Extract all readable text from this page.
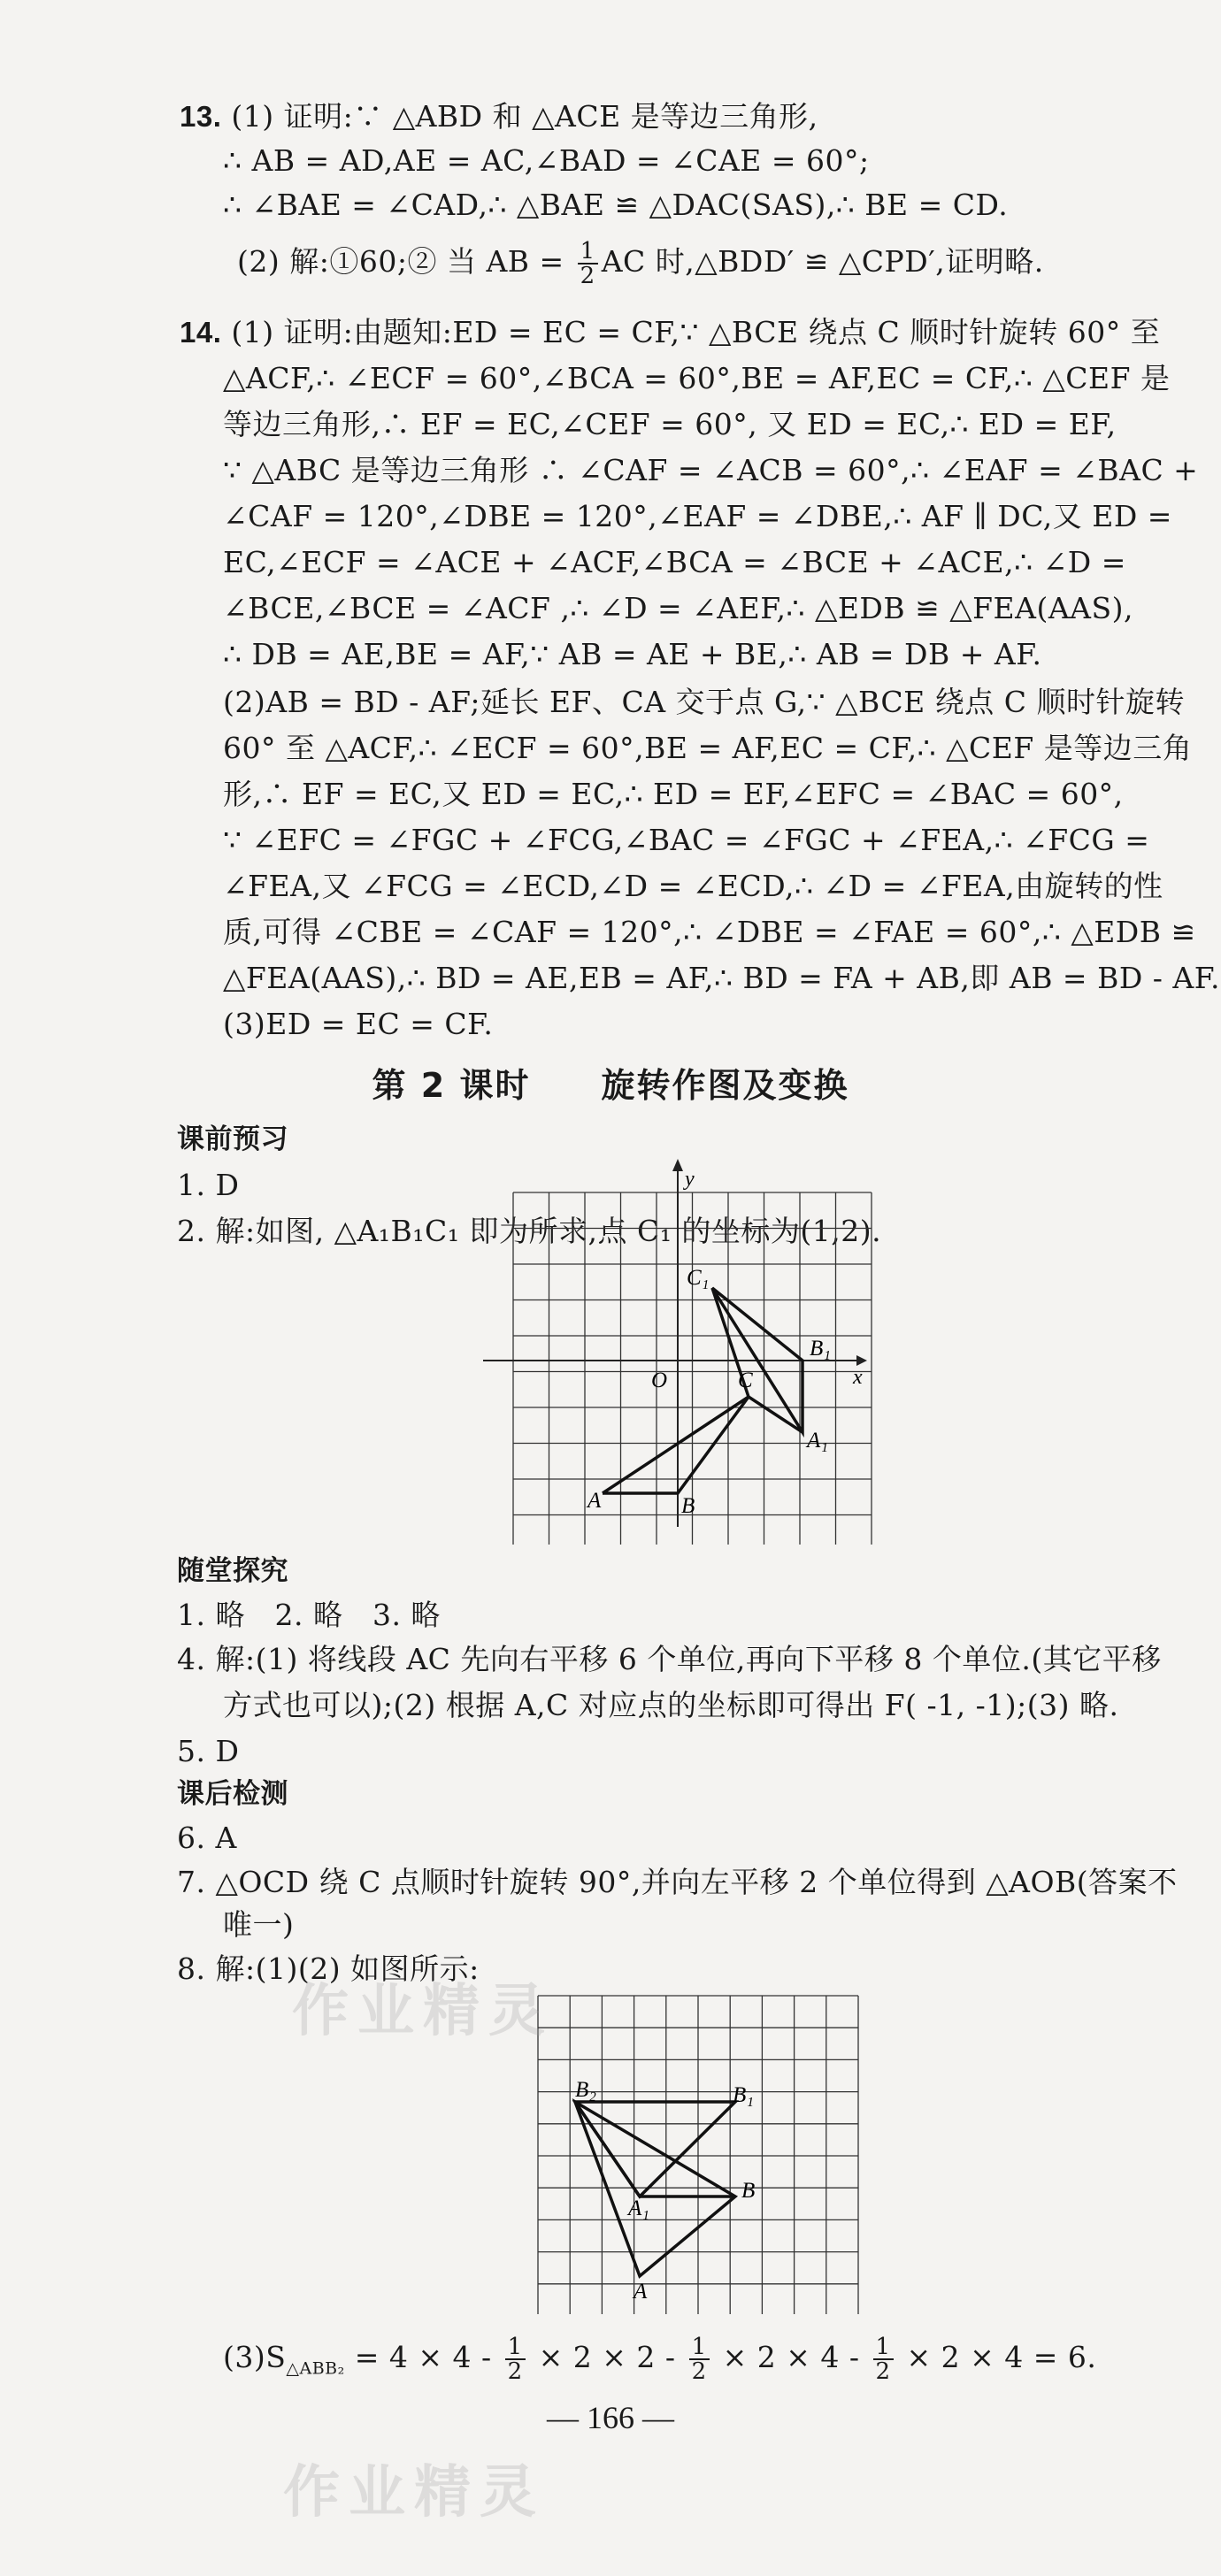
13. (1) 证明:∵ △ABD 和 △ACE 是等边三角形,
∴ AB = AD,AE = AC,∠BAD = ∠CAE = 60°;
∴ ∠BAE = ∠CAD,∴ △BAE ≌ △DAC(SAS),∴ BE = CD.
(2) 解:①60;② 当 AB = $\frac{1}{2}$ AC 时,△BDD′ ≌ △CPD′,证明略.
14. (1) 证明:由题知:ED = EC = CF,∵ △BCE 绕点 C 顺时针旋转 60° 至
△ACF,∴ ∠ECF = 60°,∠BCA = 60°,BE = AF,EC = CF,∴ △CEF 是
等边三角形,∴ EF = EC,∠CEF = 60°, 又 ED = EC,∴ ED = EF,
∵ △ABC 是等边三角形 ∴ ∠CAF = ∠ACB = 60°,∴ ∠EAF = ∠BAC +
∠CAF = 120°,∠DBE = 120°,∠EAF = ∠DBE,∴ AF ∥ DC,又 ED =
EC,∠ECF = ∠ACE + ∠ACF,∠BCA = ∠BCE + ∠ACE,∴ ∠D =
∠BCE,∠BCE = ∠ACF ,∴ ∠D = ∠AEF,∴ △EDB ≌ △FEA(AAS),
∴ DB = AE,BE = AF,∵ AB = AE + BE,∴ AB = DB + AF.
(2)AB = BD - AF;延长 EF、CA 交于点 G,∵ △BCE 绕点 C 顺时针旋转
60° 至 △ACF,∴ ∠ECF = 60°,BE = AF,EC = CF,∴ △CEF 是等边三角
形,∴ EF = EC,又 ED = EC,∴ ED = EF,∠EFC = ∠BAC = 60°,
∵ ∠EFC = ∠FGC + ∠FCG,∠BAC = ∠FGC + ∠FEA,∴ ∠FCG =
∠FEA,又 ∠FCG = ∠ECD,∠D = ∠ECD,∴ ∠D = ∠FEA,由旋转的性
质,可得 ∠CBE = ∠CAF = 120°,∴ ∠DBE = ∠FAE = 60°,∴ △EDB ≌
△FEA(AAS),∴ BD = AE,EB = AF,∴ BD = FA + AB,即 AB = BD - AF.
(3)ED = EC = CF.
第 2 课时　　旋转作图及变换
课前预习
1. D
2. 解:如图, △A₁B₁C₁ 即为所求,点 C₁ 的坐标为(1,2).
y
x
O
C₁
B₁
C
A₁
A	B
随堂探究
1. 略　2. 略　3. 略
4. 解:(1) 将线段 AC 先向右平移 6 个单位,再向下平移 8 个单位.(其它平移
方式也可以);(2) 根据 A,C 对应点的坐标即可得出 F( -1, -1);(3) 略.
5. D
课后检测
6. A
7. △OCD 绕 C 点顺时针旋转 90°,并向左平移 2 个单位得到 △AOB(答案不
唯一)
8. 解:(1)(2) 如图所示:
B₂	B₁
A₁
B
A
$(3)S_{\triangle ABB_2} = 4 \times 4 - \frac{1}{2} \times 2 \times 2 - \frac{1}{2} \times 2 \times 4 - \frac{1}{2} \times 2 \times 4 = 6$.
— 166 —
作业精灵
作业精灵
